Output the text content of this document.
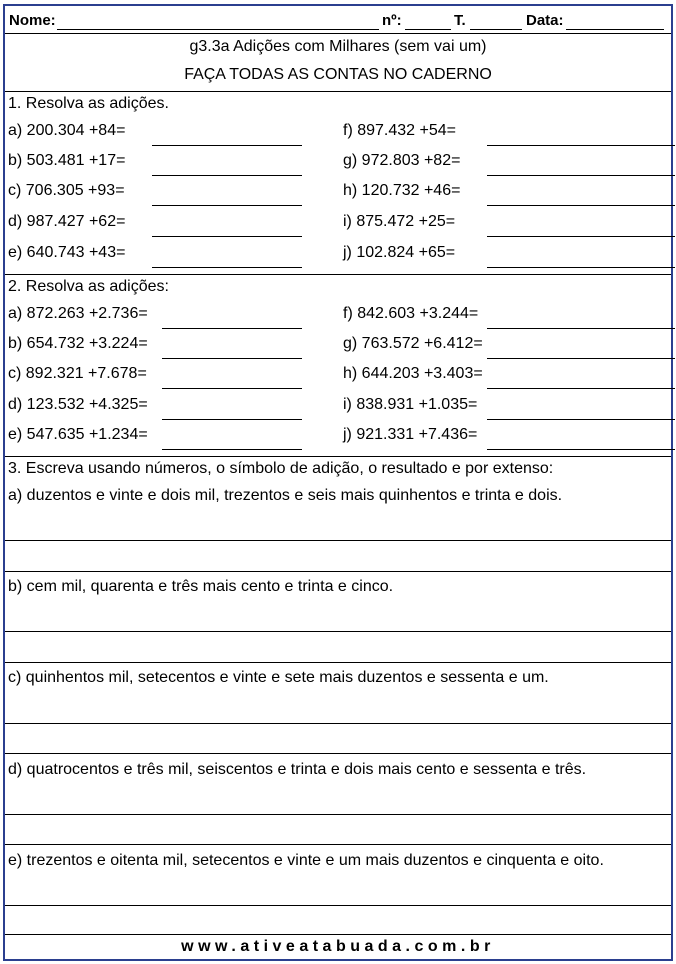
Nome:	nº:	T.	Data:
g3.3a Adições com Milhares (sem vai um)
FAÇA TODAS AS CONTAS NO CADERNO
1. Resolva as adições.
a) 200.304 +84=	f) 897.432 +54=
b) 503.481 +17=	g) 972.803 +82=
c) 706.305 +93=	h) 120.732 +46=
d) 987.427 +62=	i) 875.472 +25=
e) 640.743 +43=	j) 102.824 +65=
2. Resolva as adições:
a) 872.263 +2.736=	f) 842.603 +3.244=
b) 654.732 +3.224=	g) 763.572 +6.412=
c) 892.321 +7.678=	h) 644.203 +3.403=
d) 123.532 +4.325=	i) 838.931 +1.035=
e) 547.635 +1.234=	j) 921.331 +7.436=
3. Escreva usando números, o símbolo de adição, o resultado e por extenso:
a) duzentos e vinte e dois mil, trezentos e seis mais quinhentos e trinta e dois.
b) cem mil, quarenta e três mais cento e trinta e cinco.
c) quinhentos mil, setecentos e vinte e sete mais duzentos e sessenta e um.
d) quatrocentos e três mil, seiscentos e trinta e dois mais cento e sessenta e três.
e) trezentos e oitenta mil, setecentos e vinte e um mais duzentos e cinquenta e oito.
www.ativeatabuada.com.br
